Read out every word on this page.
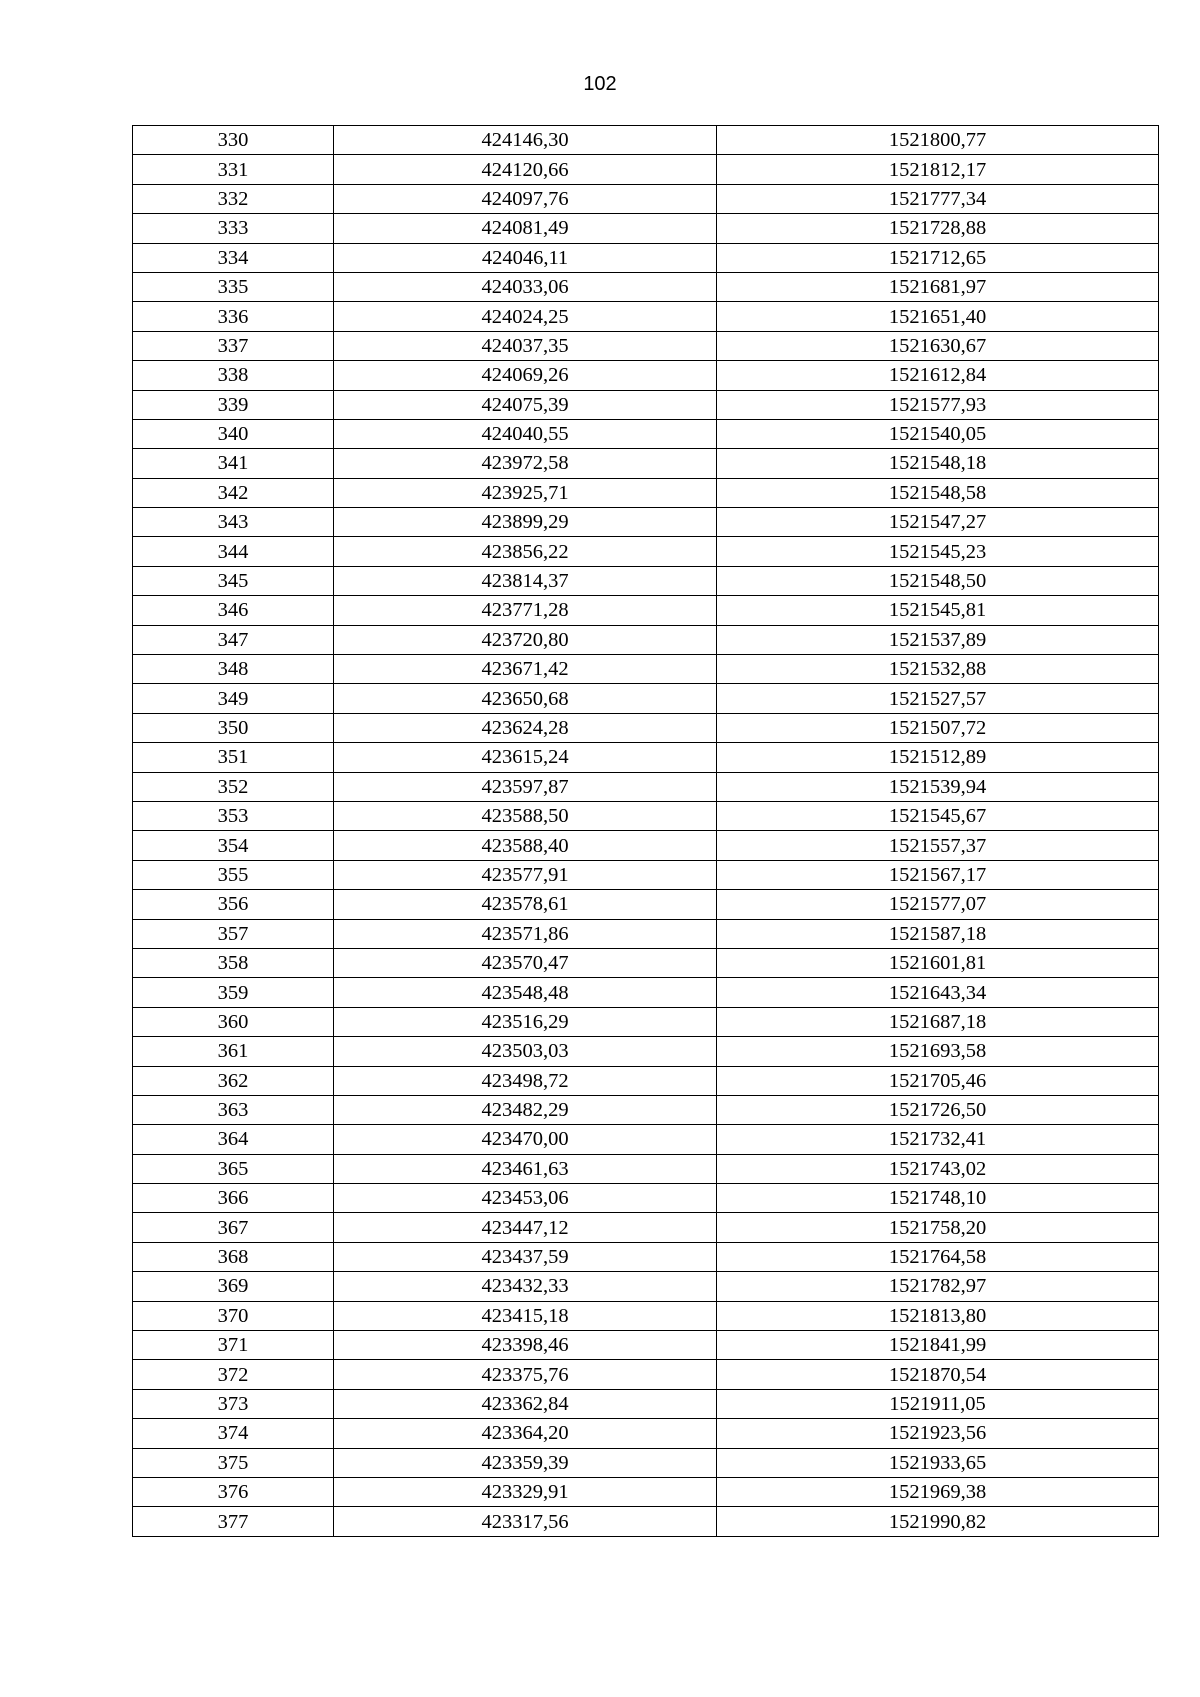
102
330	424146,30	1521800,77
331	424120,66	1521812,17
332	424097,76	1521777,34
333	424081,49	1521728,88
334	424046,11	1521712,65
335	424033,06	1521681,97
336	424024,25	1521651,40
337	424037,35	1521630,67
338	424069,26	1521612,84
339	424075,39	1521577,93
340	424040,55	1521540,05
341	423972,58	1521548,18
342	423925,71	1521548,58
343	423899,29	1521547,27
344	423856,22	1521545,23
345	423814,37	1521548,50
346	423771,28	1521545,81
347	423720,80	1521537,89
348	423671,42	1521532,88
349	423650,68	1521527,57
350	423624,28	1521507,72
351	423615,24	1521512,89
352	423597,87	1521539,94
353	423588,50	1521545,67
354	423588,40	1521557,37
355	423577,91	1521567,17
356	423578,61	1521577,07
357	423571,86	1521587,18
358	423570,47	1521601,81
359	423548,48	1521643,34
360	423516,29	1521687,18
361	423503,03	1521693,58
362	423498,72	1521705,46
363	423482,29	1521726,50
364	423470,00	1521732,41
365	423461,63	1521743,02
366	423453,06	1521748,10
367	423447,12	1521758,20
368	423437,59	1521764,58
369	423432,33	1521782,97
370	423415,18	1521813,80
371	423398,46	1521841,99
372	423375,76	1521870,54
373	423362,84	1521911,05
374	423364,20	1521923,56
375	423359,39	1521933,65
376	423329,91	1521969,38
377	423317,56	1521990,82
